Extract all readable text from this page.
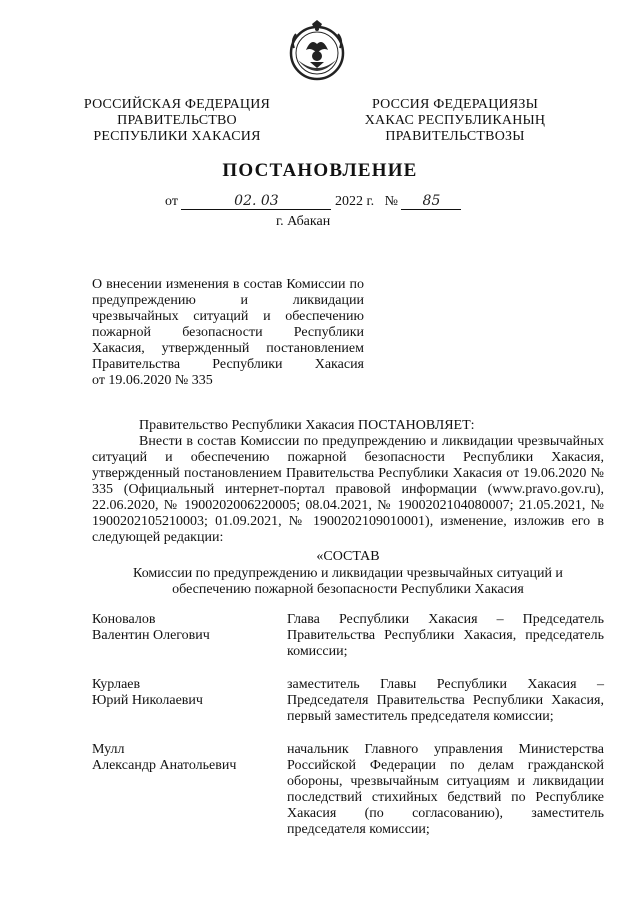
РОССИЙСКАЯ ФЕДЕРАЦИЯ
ПРАВИТЕЛЬСТВО
РЕСПУБЛИКИ ХАКАСИЯ
РОССИЯ ФЕДЕРАЦИЯЗЫ
ХАКАС РЕСПУБЛИКАНЫҢ
ПРАВИТЕЛЬСТВОЗЫ
ПОСТАНОВЛЕНИЕ
от	02. 03	2022 г. № 85
г. Абакан
О внесении изменения в состав Комиссии по
предупреждению и ликвидации
чрезвычайных ситуаций и обеспечению
пожарной безопасности Республики
Хакасия, утвержденный постановлением
Правительства Республики Хакасия
от 19.06.2020 № 335
Правительство Республики Хакасия ПОСТАНОВЛЯЕТ:
Внести в состав Комиссии по предупреждению и ликвидации чрезвычайных ситуаций и обеспечению пожарной безопасности Республики Хакасия, утвержденный постановлением Правительства Республики Хакасия от 19.06.2020 № 335 (Официальный интернет-портал правовой информации (www.pravo.gov.ru), 22.06.2020, № 1900202006220005; 08.04.2021, № 1900202104080007; 21.05.2021, № 1900202105210003; 01.09.2021, № 1900202109010001), изменение, изложив его в следующей редакции:
«СОСТАВ
Комиссии по предупреждению и ликвидации чрезвычайных ситуаций и обеспечению пожарной безопасности Республики Хакасия
Коновалов
Валентин Олегович
Глава Республики Хакасия – Председатель Правительства Республики Хакасия, председатель комиссии;
Курлаев
Юрий Николаевич
заместитель Главы Республики Хакасия – Председателя Правительства Республики Хакасия, первый заместитель председателя комиссии;
Мулл
Александр Анатольевич
начальник Главного управления Министерства Российской Федерации по делам гражданской обороны, чрезвычайным ситуациям и ликвидации последствий стихийных бедствий по Республике Хакасия (по согласованию), заместитель председателя комиссии;
